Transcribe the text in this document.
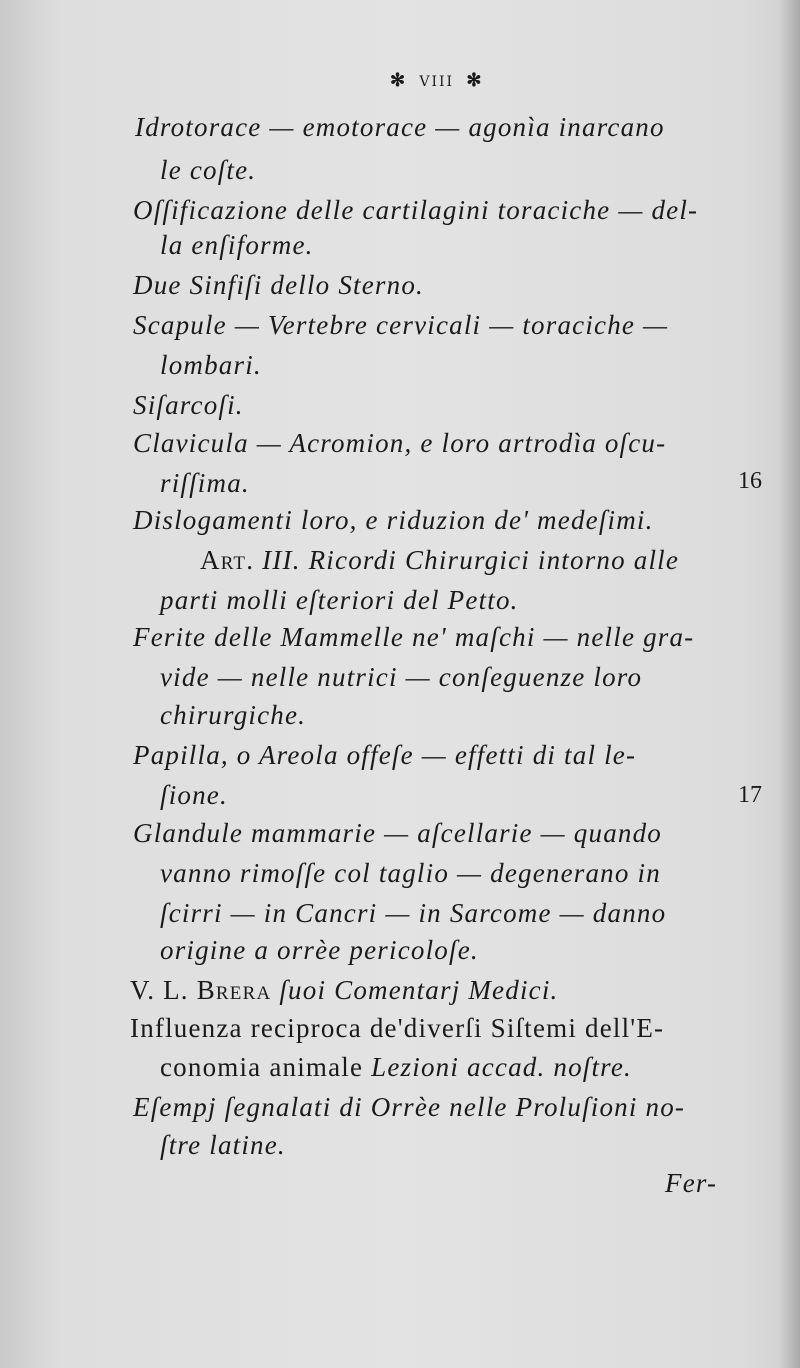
✻ VIII ✻
Idrotorace — emotorace — agonìa inarcano
le coſte.
Oſſificazione delle cartilagini toraciche — del-
la enſiforme.
Due Sinfiſi dello Sterno.
Scapule — Vertebre cervicali — toraciche —
lombari.
Siſarcoſi.
Clavicula — Acromion, e loro artrodìa oſcu-
riſſima.
Dislogamenti loro, e riduzion de' medeſimi.
Art. III. Ricordi Chirurgici intorno alle
parti molli eſteriori del Petto.
Ferite delle Mammelle ne' maſchi — nelle gra-
vide — nelle nutrici — conſeguenze loro
chirurgiche.
Papilla, o Areola offeſe — effetti di tal le-
ſione.
Glandule mammarie — aſcellarie — quando
vanno rimoſſe col taglio — degenerano in
ſcirri — in Cancri — in Sarcome — danno
origine a orrèe pericoloſe.
V. L. Brera ſuoi Comentarj Medici.
Influenza reciproca de'diverſi Siſtemi dell'E-
conomia animale Lezioni accad. noſtre.
Eſempj ſegnalati di Orrèe nelle Proluſioni no-
ſtre latine.
Fer-
16
17
